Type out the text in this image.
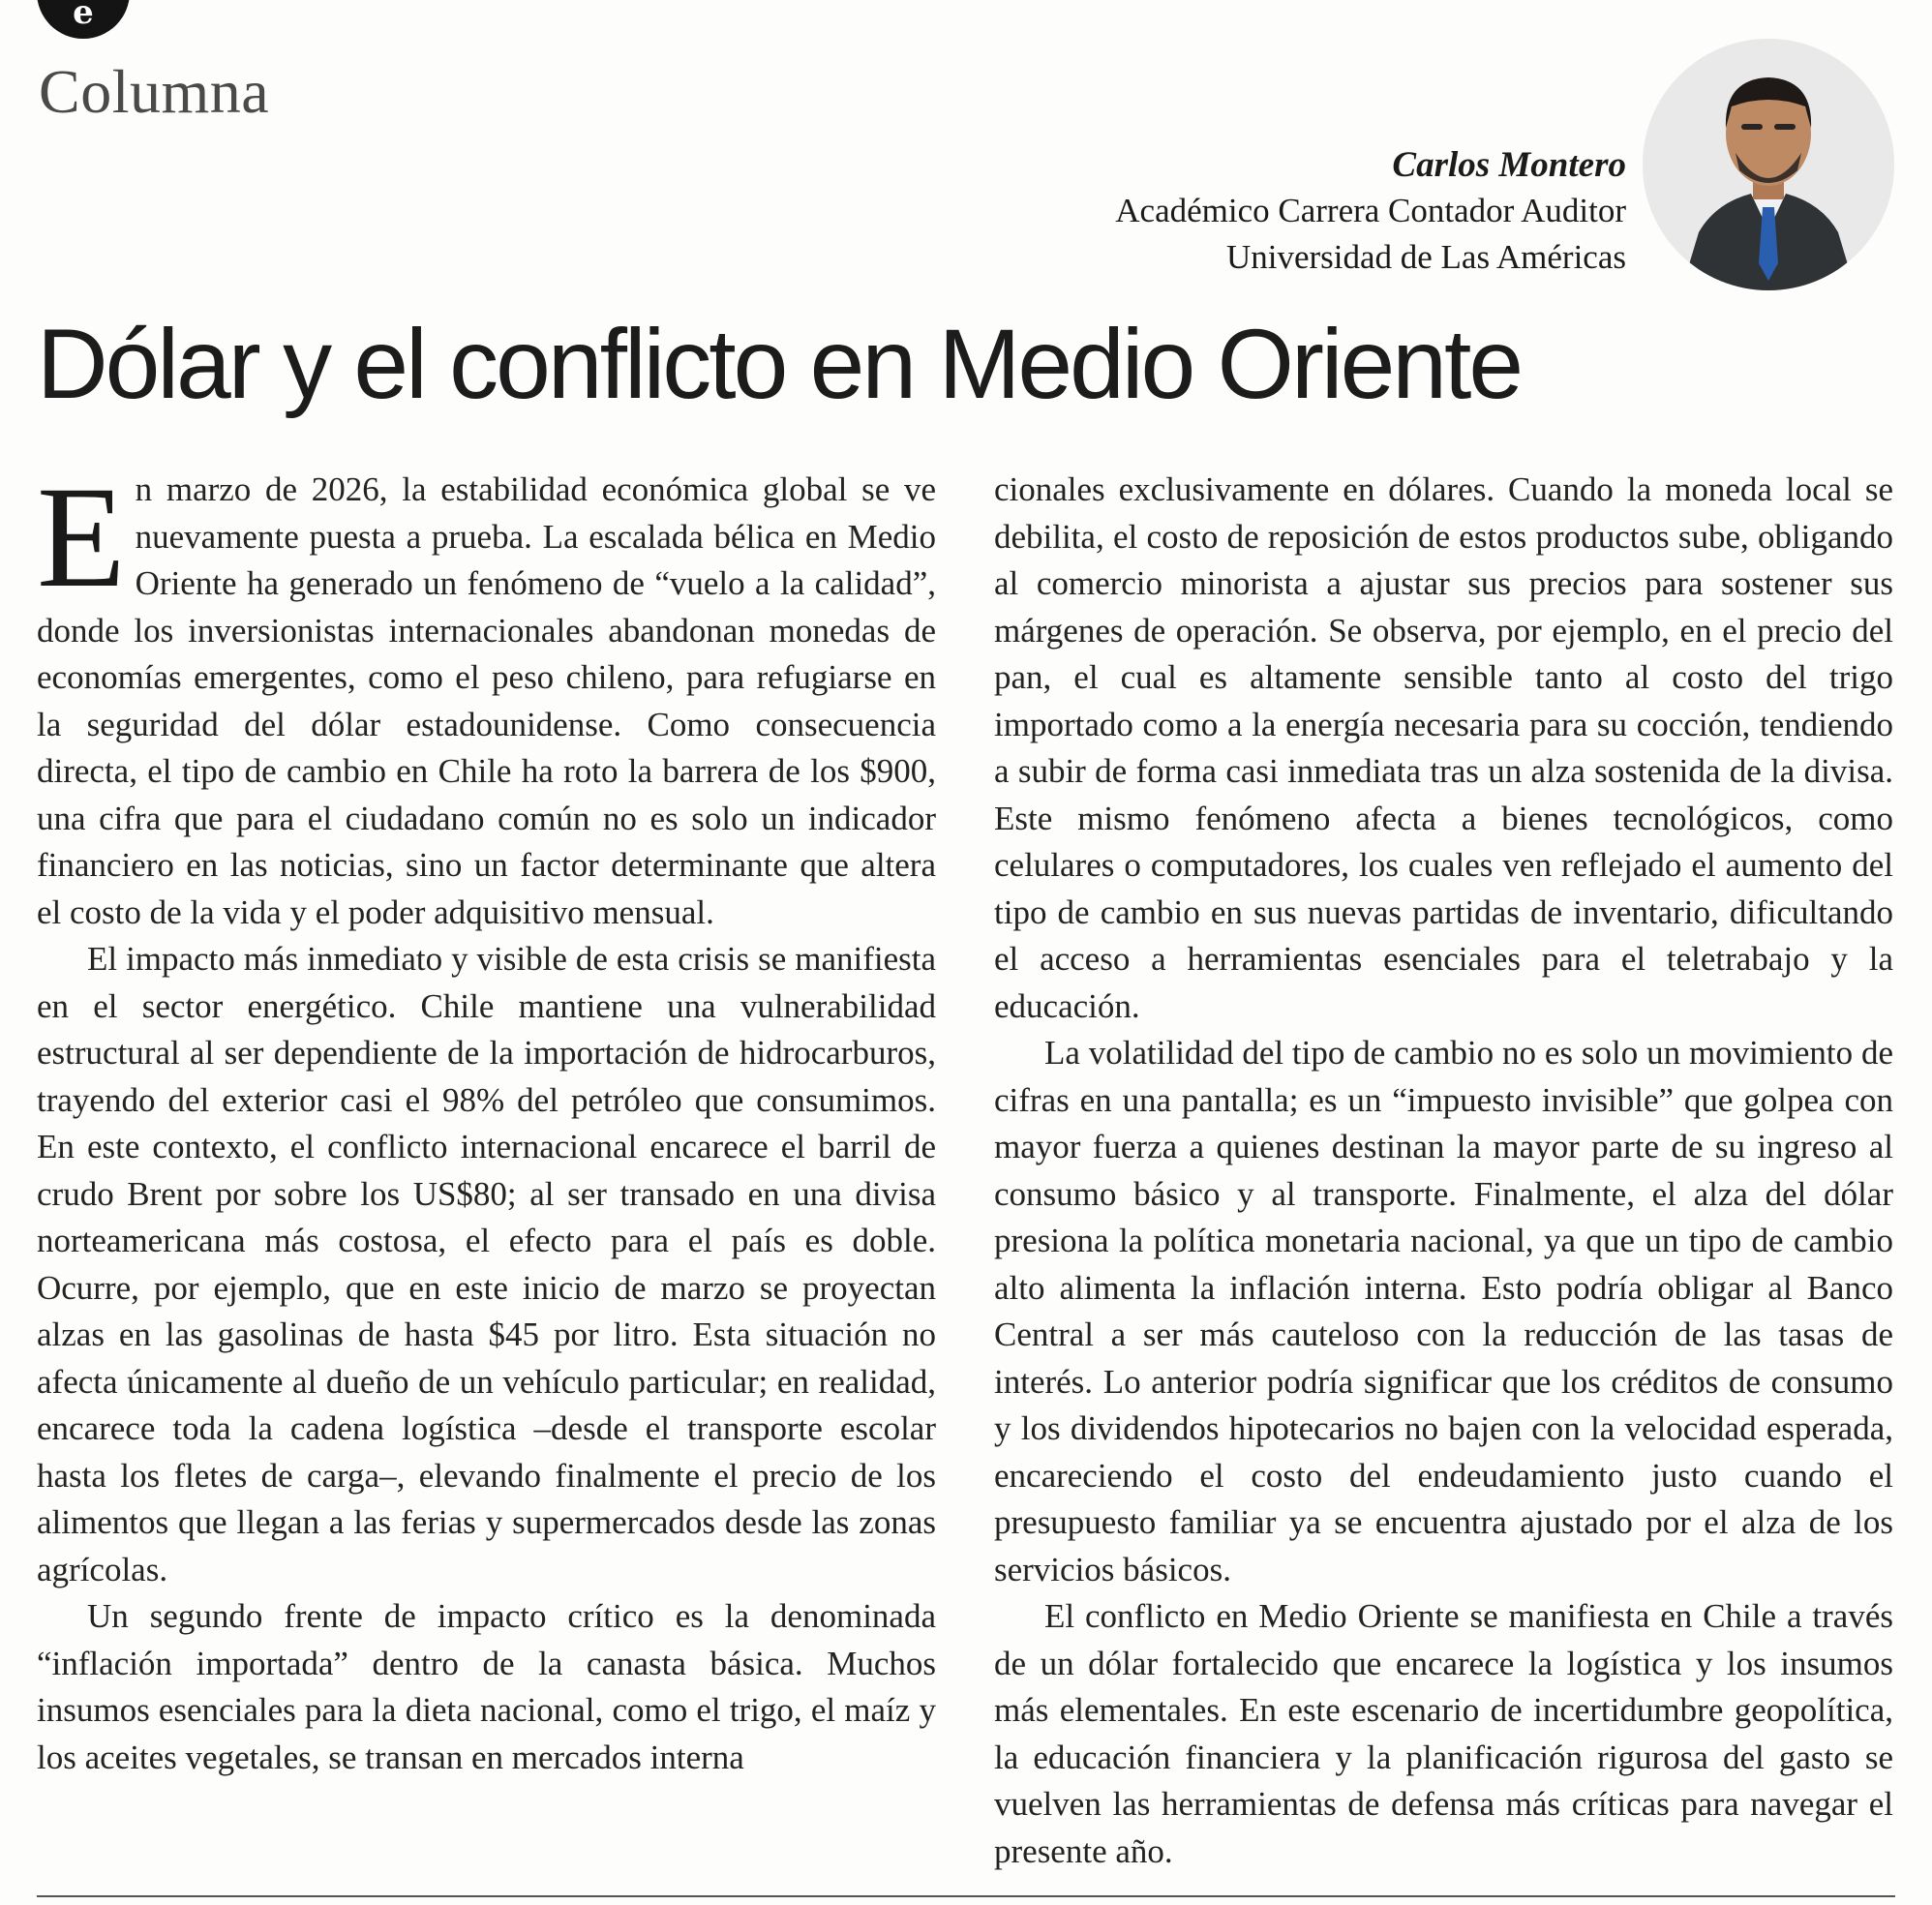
e
Columna
Carlos Montero
Académico Carrera Contador Auditor
Universidad de Las Américas
Dólar y el conflicto en Medio Oriente

En marzo de 2026, la estabilidad económica global se ve nuevamente puesta a prueba. La escalada bélica en Medio Oriente ha generado un fenómeno de “vuelo a la calidad”, donde los inversionistas internacionales abandonan monedas de economías emergentes, como el peso chileno, para refugiarse en la seguridad del dólar estadounidense. Como consecuencia directa, el tipo de cambio en Chile ha roto la barrera de los $900, una cifra que para el ciudadano común no es solo un indicador financiero en las noticias, sino un factor determinante que altera el costo de la vida y el poder adquisitivo mensual.

El impacto más inmediato y visible de esta crisis se manifiesta en el sector energético. Chile mantiene una vulnerabilidad estructural al ser dependiente de la importación de hidrocarburos, trayendo del exterior casi el 98% del petróleo que consumimos. En este contexto, el conflicto internacional encarece el barril de crudo Brent por sobre los US$80; al ser transado en una divisa norteamericana más costosa, el efecto para el país es doble. Ocurre, por ejemplo, que en este inicio de marzo se proyectan alzas en las gasolinas de hasta $45 por litro. Esta situación no afecta únicamente al dueño de un vehículo particular; en realidad, encarece toda la cadena logística –desde el transporte escolar hasta los fletes de carga–, elevando finalmente el precio de los alimentos que llegan a las ferias y supermercados desde las zonas agrícolas.

Un segundo frente de impacto crítico es la denominada “inflación importada” dentro de la canasta básica. Muchos insumos esenciales para la dieta nacional, como el trigo, el maíz y los aceites vegetales, se transan en mercados interna

cionales exclusivamente en dólares. Cuando la moneda local se debilita, el costo de reposición de estos productos sube, obligando al comercio minorista a ajustar sus precios para sostener sus márgenes de operación. Se observa, por ejemplo, en el precio del pan, el cual es altamente sensible tanto al costo del trigo importado como a la energía necesaria para su cocción, tendiendo a subir de forma casi inmediata tras un alza sostenida de la divisa. Este mismo fenómeno afecta a bienes tecnológicos, como celulares o computadores, los cuales ven reflejado el aumento del tipo de cambio en sus nuevas partidas de inventario, dificultando el acceso a herramientas esenciales para el teletrabajo y la educación.

La volatilidad del tipo de cambio no es solo un movimiento de cifras en una pantalla; es un “impuesto invisible” que golpea con mayor fuerza a quienes destinan la mayor parte de su ingreso al consumo básico y al transporte. Finalmente, el alza del dólar presiona la política monetaria nacional, ya que un tipo de cambio alto alimenta la inflación interna. Esto podría obligar al Banco Central a ser más cauteloso con la reducción de las tasas de interés. Lo anterior podría significar que los créditos de consumo y los dividendos hipotecarios no bajen con la velocidad esperada, encareciendo el costo del endeudamiento justo cuando el presupuesto familiar ya se encuentra ajustado por el alza de los servicios básicos.

El conflicto en Medio Oriente se manifiesta en Chile a través de un dólar fortalecido que encarece la logística y los insumos más elementales. En este escenario de incertidumbre geopolítica, la educación financiera y la planificación rigurosa del gasto se vuelven las herramientas de defensa más críticas para navegar el presente año.
